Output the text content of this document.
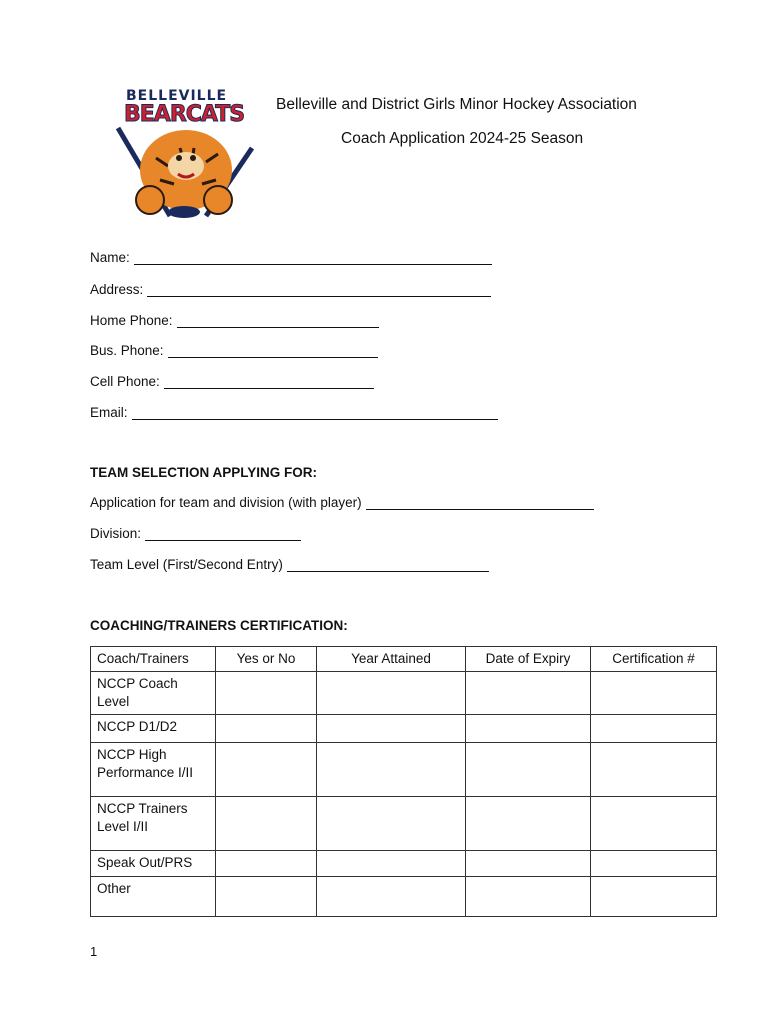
BELLEVILLE
BEARCATS Belleville and District Girls Minor Hockey Association
Coach Application 2024-25 Season
Name:
Address:
Home Phone:
Bus. Phone:
Cell Phone:
Email:
TEAM SELECTION APPLYING FOR:
Application for team and division (with player)
Division:
Team Level (First/Second Entry)
COACHING/TRAINERS CERTIFICATION:
Coach/Trainers	Yes or No	Year Attained	Date of Expiry	Certification #
NCCP Coach Level				
NCCP D1/D2				
NCCP High Performance I/II				
NCCP Trainers Level I/II				
Speak Out/PRS				
Other				
1
